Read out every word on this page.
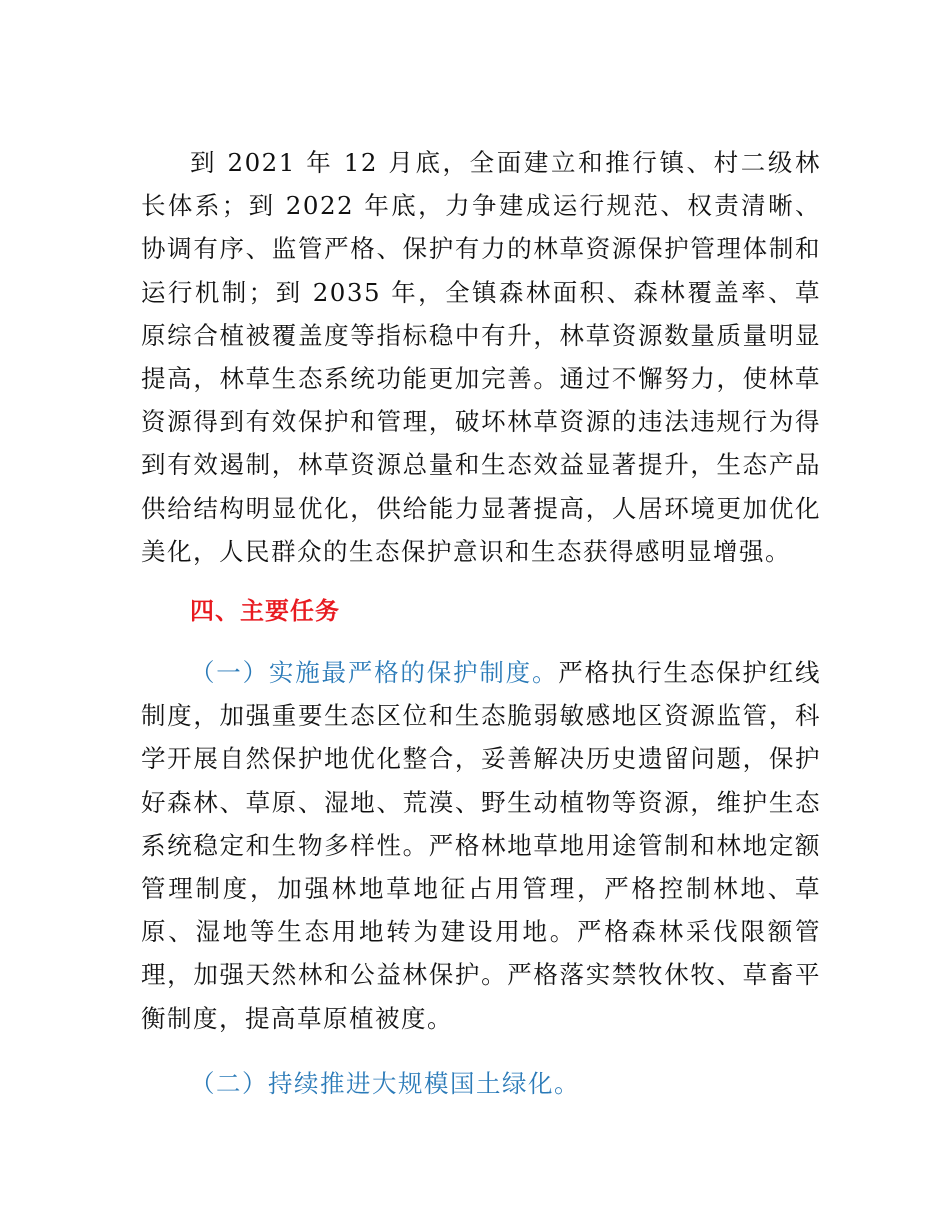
到 2021 年 12 月底，全面建立和推行镇、村二级林长体系；到 2022 年底，力争建成运行规范、权责清晰、协调有序、监管严格、保护有力的林草资源保护管理体制和运行机制；到 2035 年，全镇森林面积、森林覆盖率、草原综合植被覆盖度等指标稳中有升，林草资源数量质量明显提高，林草生态系统功能更加完善。通过不懈努力，使林草资源得到有效保护和管理，破坏林草资源的违法违规行为得到有效遏制，林草资源总量和生态效益显著提升，生态产品供给结构明显优化，供给能力显著提高，人居环境更加优化美化，人民群众的生态保护意识和生态获得感明显增强。

四、主要任务

（一）实施最严格的保护制度。严格执行生态保护红线制度，加强重要生态区位和生态脆弱敏感地区资源监管，科学开展自然保护地优化整合，妥善解决历史遗留问题，保护好森林、草原、湿地、荒漠、野生动植物等资源，维护生态系统稳定和生物多样性。严格林地草地用途管制和林地定额管理制度，加强林地草地征占用管理，严格控制林地、草原、湿地等生态用地转为建设用地。严格森林采伐限额管理，加强天然林和公益林保护。严格落实禁牧休牧、草畜平衡制度，提高草原植被度。

（二）持续推进大规模国土绿化。
